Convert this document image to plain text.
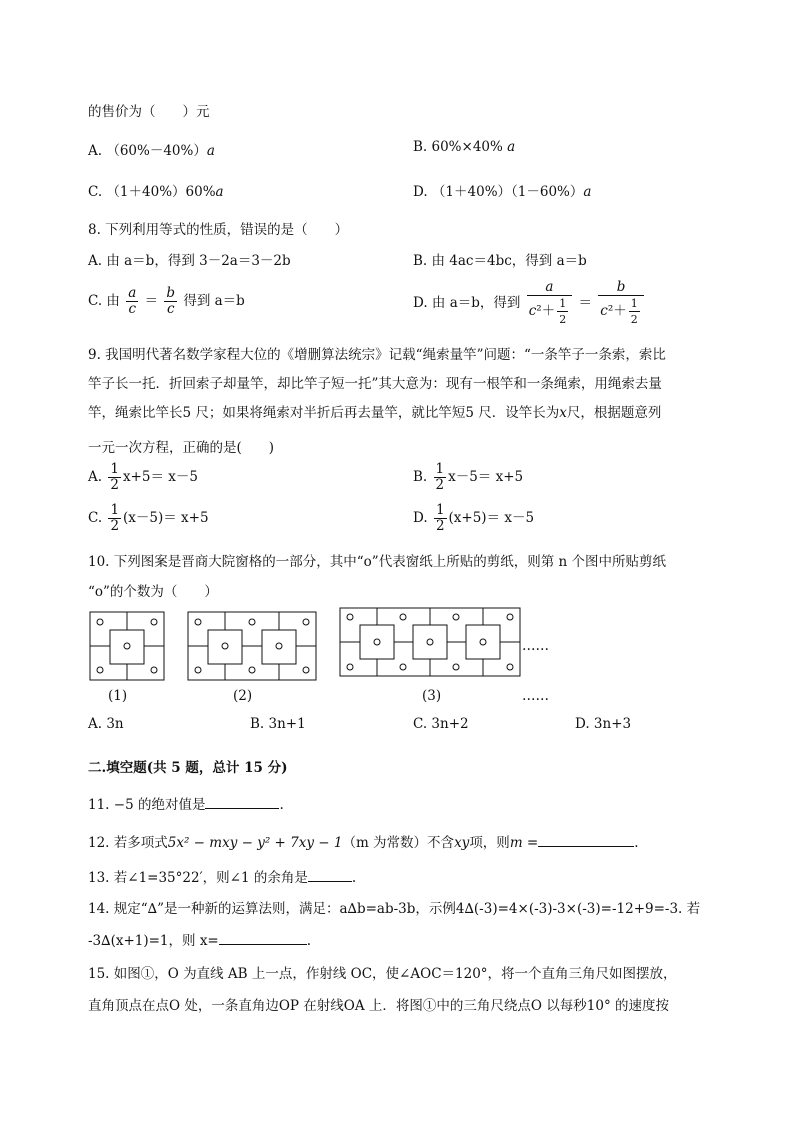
的售价为（　　）元
A. （60%－40%）a	B. 60%×40% a
C. （1＋40%）60%a	D. （1＋40%）（1－60%）a
8. 下列利用等式的性质，错误的是（　　）
A. 由 a＝b，得到 3－2a＝3－2b	B. 由 4ac＝4bc，得到 a＝b
C. 由 $\frac{a}{c} = \frac{b}{c}$ 得到 a＝b	D. 由 a＝b，得到 $\frac{a}{c^2+ \frac{1}{2}} = \frac{b}{c^2+ \frac{1}{2}}$
9. 我国明代著名数学家程大位的《增删算法统宗》记载“绳索量竿”问题：“一条竿子一条索，索比
竿子长一托．折回索子却量竿，却比竿子短一托”其大意为：现有一根竿和一条绳索，用绳索去量
竿，绳索比竿长5 尺；如果将绳索对半折后再去量竿，就比竿短5 尺．设竿长为x尺，根据题意列
一元一次方程，正确的是(　　)
A. $\frac{1}{2} x+5= x-5$	B. $\frac{1}{2} x-5= x+5$
C. $\frac{1}{2} (x-5)= x+5$	D. $\frac{1}{2} (x+5)= x-5$
10. 下列图案是晋商大院窗格的一部分，其中“o”代表窗纸上所贴的剪纸，则第 n 个图中所贴剪纸
“o”的个数为（　　）
……
(1)	(2)	(3)	……
A. 3n	B. 3n+1	C. 3n+2	D. 3n+3
二.填空题(共 5 题，总计 15 分)
11. −5 的绝对值是	.
12. 若多项式5x² − mxy − y² + 7xy − 1（m 为常数）不含xy项，则m =	.
13. 若∠1=35°22′，则∠1 的余角是	.
14. 规定“∆”是一种新的运算法则，满足：a∆b=ab-3b，示例4∆(-3)=4×(-3)-3×(-3)=-12+9=-3. 若
-3∆(x+1)=1，则 x=	.
15. 如图①，O 为直线 AB 上一点，作射线 OC，使∠AOC＝120°，将一个直角三角尺如图摆放，
直角顶点在点O 处，一条直角边OP 在射线OA 上．将图①中的三角尺绕点O 以每秒10° 的速度按
